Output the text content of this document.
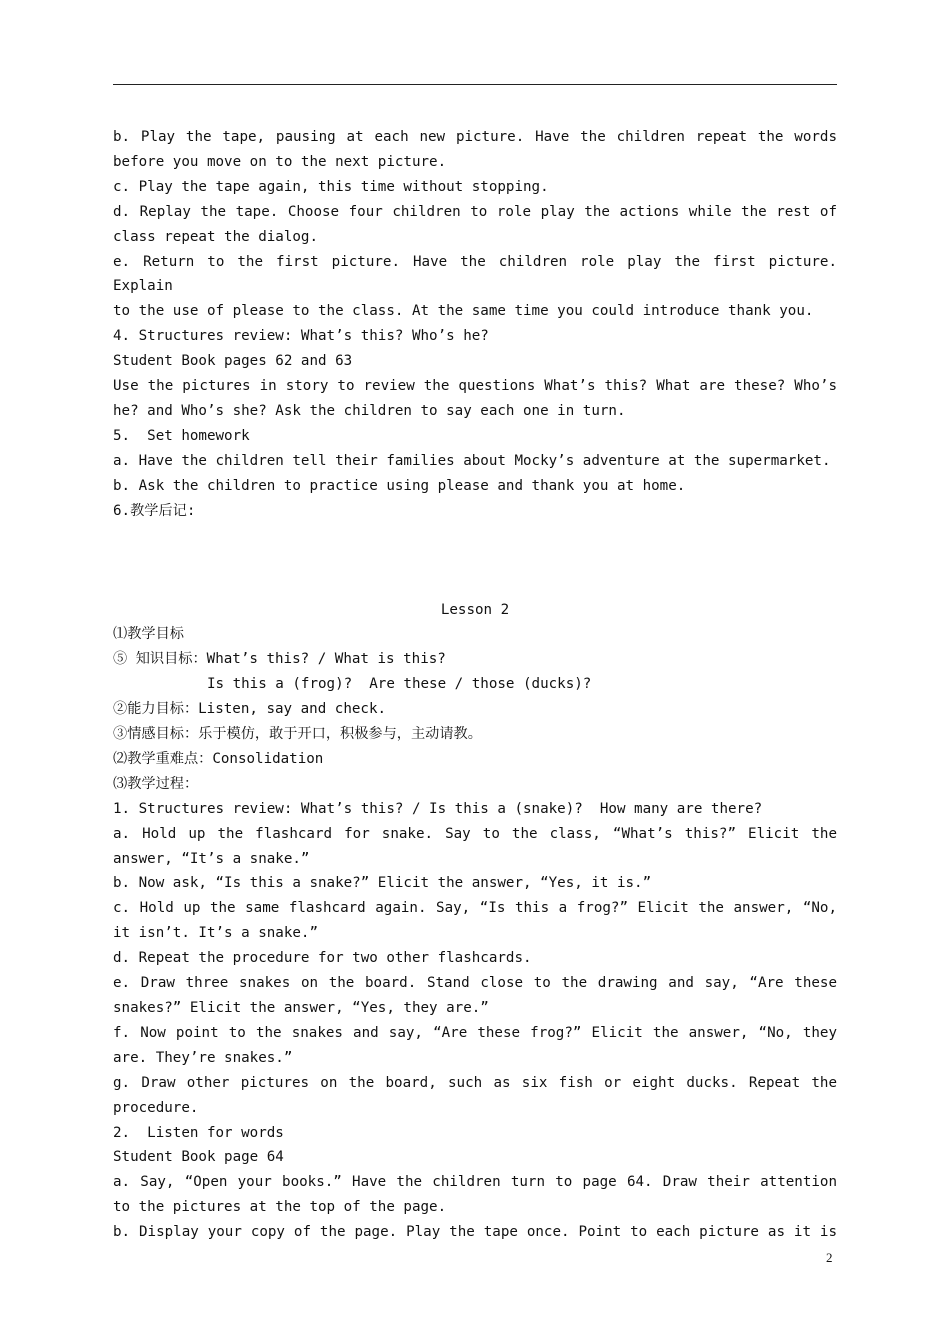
b. Play the tape, pausing at each new picture. Have the children repeat the words
before you move on to the next picture.
c. Play the tape again, this time without stopping.
d. Replay the tape. Choose four children to role play the actions while the rest of
class repeat the dialog.
e. Return to the first picture. Have the children role play the first picture. Explain
to the use of please to the class. At the same time you could introduce thank you.
4. Structures review: What’s this? Who’s he?
Student Book pages 62 and 63
Use the pictures in story to review the questions What’s this? What are these? Who’s
he? and Who’s she? Ask the children to say each one in turn.
5.  Set homework
a. Have the children tell their families about Mocky’s adventure at the supermarket.
b. Ask the children to practice using please and thank you at home.
6.教学后记:
Lesson 2
⑴教学目标
⑤ 知识目标：What’s this? / What is this?
Is this a (frog)?  Are these / those (ducks)?
②能力目标：Listen, say and check.
③情感目标：乐于模仿，敢于开口，积极参与，主动请教。
⑵教学重难点：Consolidation
⑶教学过程：
1. Structures review: What’s this? / Is this a (snake)?  How many are there?
a. Hold up the flashcard for snake. Say to the class, “What’s this?” Elicit the
answer, “It’s a snake.”
b. Now ask, “Is this a snake?” Elicit the answer, “Yes, it is.”
c. Hold up the same flashcard again. Say, “Is this a frog?” Elicit the answer, “No,
it isn’t. It’s a snake.”
d. Repeat the procedure for two other flashcards.
e. Draw three snakes on the board. Stand close to the drawing and say, “Are these
snakes?” Elicit the answer, “Yes, they are.”
f. Now point to the snakes and say, “Are these frog?” Elicit the answer, “No, they
are. They’re snakes.”
g. Draw other pictures on the board, such as six fish or eight ducks. Repeat the
procedure.
2.  Listen for words
Student Book page 64
a. Say, “Open your books.” Have the children turn to page 64. Draw their attention
to the pictures at the top of the page.
b. Display your copy of the page. Play the tape once. Point to each picture as it is
2
